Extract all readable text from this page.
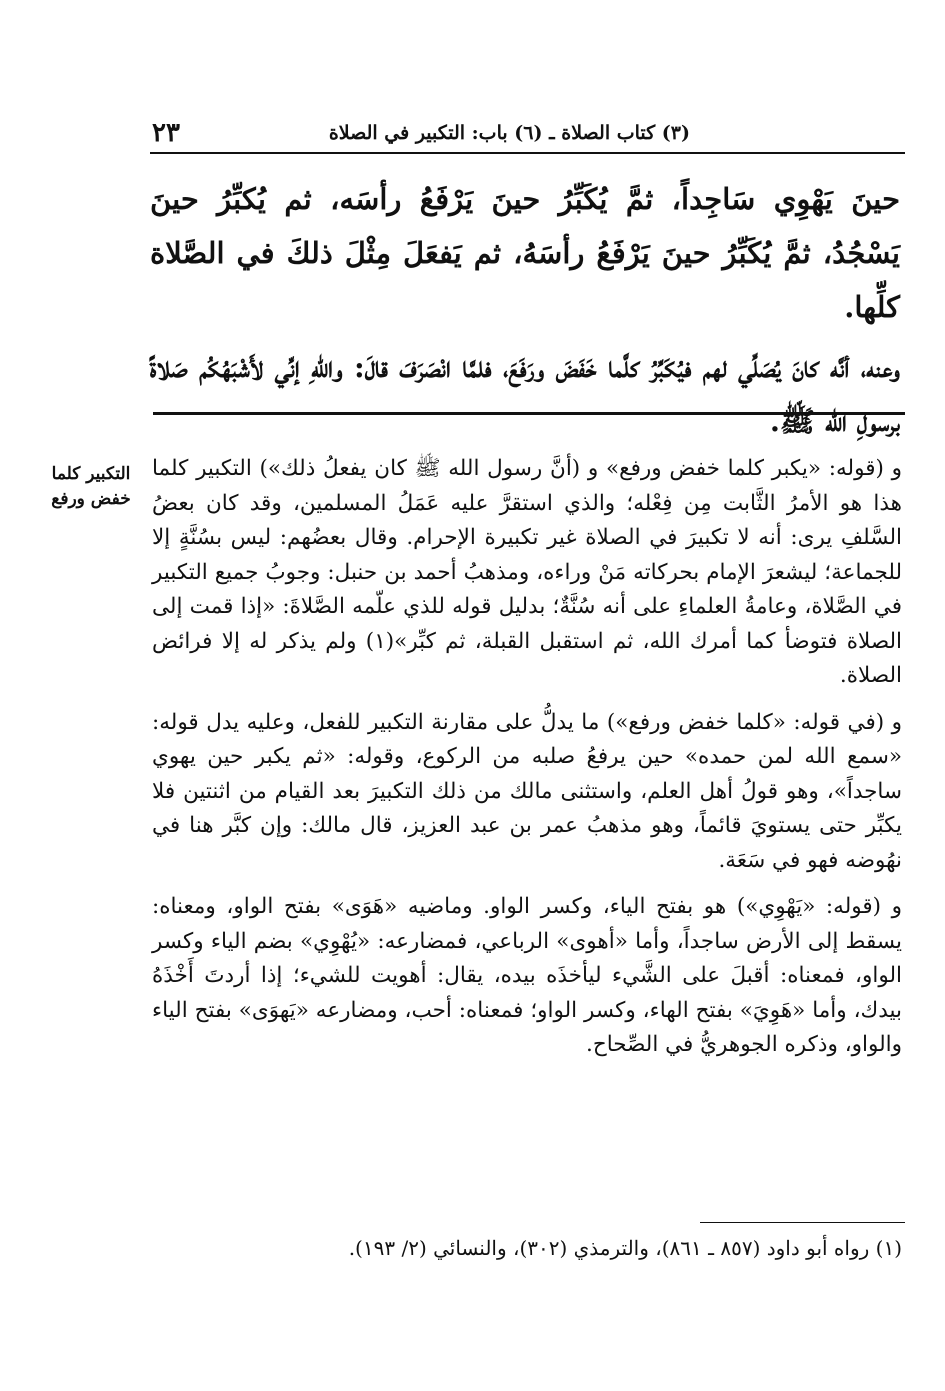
(٣) كتاب الصلاة ـ (٦) باب: التكبير في الصلاة
٢٣

حينَ يَهْوِي سَاجِداً، ثمَّ يُكَبِّرُ حينَ يَرْفَعُ رأسَه، ثم يُكبِّرُ حينَ يَسْجُدُ، ثمَّ يُكَبِّرُ حينَ يَرْفَعُ رأسَهُ، ثم يَفعَلَ مِثْلَ ذلكَ في الصَّلاة كلِّها.

وعنه، أنَّه كانَ يُصَلِّي لهم فيُكَبِّرُ كلَّما خَفَضَ ورَفَعَ، فلمَّا انْصَرَفَ قالَ: واللهِ إنِّي لأَشْبَهُكُم صَلاةً برسولِ الله ﷺ.

التكبير كلما خفض ورفع

و (قوله: «يكبر كلما خفض ورفع» و (أنَّ رسول الله ﷺ كان يفعلُ ذلك») التكبير كلما هذا هو الأمرُ الثَّابت مِن فِعْله؛ والذي استقرَّ عليه عَمَلُ المسلمين، وقد كان بعضُ السَّلفِ يرى: أنه لا تكبيرَ في الصلاة غير تكبيرة الإحرام. وقال بعضُهم: ليس بسُنَّةٍ إلا للجماعة؛ ليشعرَ الإمام بحركاته مَنْ وراءه، ومذهبُ أحمد بن حنبل: وجوبُ جميع التكبير في الصَّلاة، وعامةُ العلماءِ على أنه سُنَّةٌ؛ بدليل قوله للذي علّمه الصَّلاةَ: «إذا قمت إلى الصلاة فتوضأ كما أمرك الله، ثم استقبل القبلة، ثم كبِّر»(١) ولم يذكر له إلا فرائض الصلاة.

و (في قوله: «كلما خفض ورفع») ما يدلُّ على مقارنة التكبير للفعل، وعليه يدل قوله: «سمع الله لمن حمده» حين يرفعُ صلبه من الركوع، وقوله: «ثم يكبر حين يهوي ساجداً»، وهو قولُ أهل العلم، واستثنى مالك من ذلك التكبيرَ بعد القيام من اثنتين فلا يكبِّر حتى يستويَ قائماً، وهو مذهبُ عمر بن عبد العزيز، قال مالك: وإن كبَّر هنا في نهُوضه فهو في سَعَة.

و (قوله: «يَهْوِي») هو بفتح الياء، وكسر الواو. وماضيه «هَوَى» بفتح الواو، ومعناه: يسقط إلى الأرض ساجداً، وأما «أهوى» الرباعي، فمضارعه: «يُهْوِي» بضم الياء وكسر الواو، فمعناه: أقبلَ على الشَّيء ليأخذَه بيده، يقال: أهويت للشيء؛ إذا أردتَ أَخْذَهُ بيدك، وأما «هَوِيَ» بفتح الهاء، وكسر الواو؛ فمعناه: أحب، ومضارعه «يَهوَى» بفتح الياء والواو، وذكره الجوهريُّ في الصِّحاح.

(١) رواه أبو داود (٨٥٧ ـ ٨٦١)، والترمذي (٣٠٢)، والنسائي (٢/ ١٩٣).
